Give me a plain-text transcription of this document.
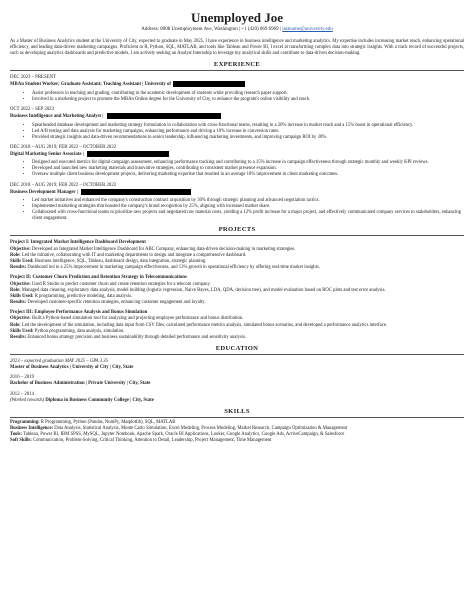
Unemployed Joe
Address: 8008 Unemployment Ave, Washington | +1 (420) 069 6969 | lastname@university.edu
As a Master of Business Analytics student at the University of City, expected to graduate in May 2025, I have experience in business intelligence and marketing analytics. My expertise includes increasing market reach, enhancing operational efficiency, and leading data-driven marketing campaigns. Proficient in R, Python, SQL, MATLAB, and tools like Tableau and Power BI, I excel at transforming complex data into strategic insights. With a track record of successful projects, such as developing analytics dashboards and predictive models, I am actively seeking an Analyst Internship to leverage my analytical skills and contribute to data-driven decision-making.
EXPERIENCE
DEC 2023 – PRESENT
MBAn Student Worker; Graduate Assistant; Teaching Assistant | University of
• Assist professors in teaching and grading, contributing to the academic development of students while providing research paper support.
• Involved in a marketing project to promote the MBAn Online degree for the University of City, to enhance the program's online visibility and reach.
OCT 2022 – SEP 2023
Business Intelligence and Marketing Analyst |
• Spearheaded database development and marketing strategy formulation in collaboration with cross-functional teams, resulting in a 20% increase in market reach and a 15% boost in operational efficiency.
• Led A/B testing and data analysis for marketing campaigns, enhancing performance and driving a 10% increase in conversion rates.
• Provided strategic insights and data-driven recommendations to senior leadership, influencing marketing investments, and improving campaign ROI by 30%.
DEC 2018 – AUG 2019; FEB 2022 – OCTOBER 2022
Digital Marketing Senior Associate |
• Designed and executed metrics for digital campaign assessment, enhancing performance tracking and contributing to a 15% increase in campaign effectiveness through strategic monthly and weekly KPI reviews.
• Developed and launched new marketing materials and innovative strategies, contributing to consistent market presence expansion.
• Oversaw multiple client business development projects, delivering marketing expertise that resulted in an average 18% improvement in client marketing outcomes.
DEC 2018 – AUG 2019; FEB 2022 – OCTOBER 2022
Business Development Manager |
• Led market initiatives and enhanced the company's construction contract acquisition by 30% through strategic planning and advanced negotiation tactics.
• Implemented marketing strategies that boosted the company's brand recognition by 25%, aligning with increased market share.
• Collaborated with cross-functional teams to prioritize new projects and negotiated raw material costs, yielding a 12% profit increase for a major project, and effectively communicated company services to stakeholders, enhancing client engagement.
PROJECTS
Project I: Integrated Market Intelligence Dashboard Development
Objective: Developed an Integrated Market Intelligence Dashboard for ABC Company, enhancing data-driven decision-making in marketing strategies.
Role: Led the initiative, collaborating with IT and marketing departments to design and integrate a comprehensive dashboard.
Skills Used: Business intelligence, SQL, Tableau, dashboard design, data integration, strategic planning.
Results: Dashboard led to a 25% improvement in marketing campaign effectiveness, and 13% growth in operational efficiency by offering real-time market insights.
Project II: Customer Churn Prediction and Retention Strategy in Telecommunications
Objective: Used R Studio to predict customer churn and create retention strategies for a telecom company.
Role: Managed data cleaning, exploratory data analysis, model building (logistic regression, Naive Bayes, LDA, QDA, decision tree), and model evaluation based on ROC plots and test error analysis.
Skills Used: R programming, predictive modeling, data analysis.
Results: Developed customer-specific retention strategies, enhancing customer engagement and loyalty.
Project III: Employee Performance Analysis and Bonus Simulation
Objective: Built a Python-based simulation tool for analyzing and projecting employee performance and bonus distribution.
Role: Led the development of the simulation, including data input from CSV files, calculated performance metrics analysis, simulated bonus scenarios, and developed a performance analytics interface.
Skills Used: Python programming, data analysis, simulation.
Results: Enhanced bonus strategy precision and business sustainability through detailed performance and sensitivity analysis.
EDUCATION
2023 – expected graduation MAY 2025 – GPA 3.35
Master of Business Analytics | University of City | City, State
2016 – 2019
Bachelor of Business Administration | Private University | City, State
2012 – 2014
(Worked towards) Diploma in Business Community College | City, State
SKILLS
Programming: R Programming, Python (Pandas, NumPy, Matplotlib), SQL, MATLAB
Business Intelligence: Data Analysis, Statistical Analysis, Monte Carlo Simulation, Excel Modeling, Process Modeling, Market Research, Campaign Optimization & Management
Tools: Tableau, Power BI, IBM SPSS, MySQL, Jupyter Notebook, Apache Spark, Oracle BI Applications, Looker, Google Analytics, Google Ads, ActiveCampaign, & Salesforce
Soft Skills: Communication, Problem-Solving, Critical Thinking, Attention to Detail, Leadership, Project Management, Time Management
